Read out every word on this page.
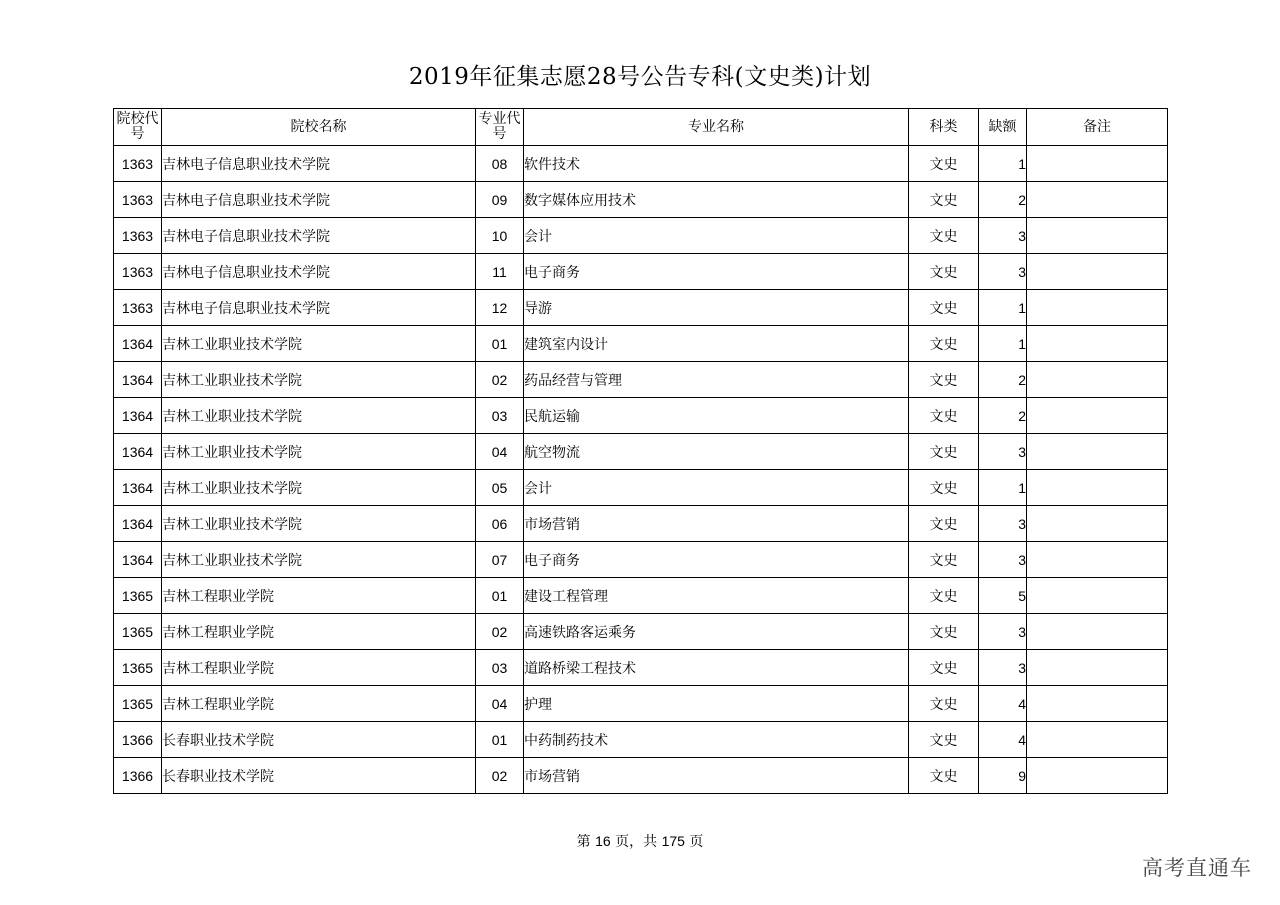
2019年征集志愿28号公告专科(文史类)计划
院校代号	院校名称	专业代号	专业名称	科类	缺额	备注
1363	吉林电子信息职业技术学院	08	软件技术	文史	1	
1363	吉林电子信息职业技术学院	09	数字媒体应用技术	文史	2	
1363	吉林电子信息职业技术学院	10	会计	文史	3	
1363	吉林电子信息职业技术学院	11	电子商务	文史	3	
1363	吉林电子信息职业技术学院	12	导游	文史	1	
1364	吉林工业职业技术学院	01	建筑室内设计	文史	1	
1364	吉林工业职业技术学院	02	药品经营与管理	文史	2	
1364	吉林工业职业技术学院	03	民航运输	文史	2	
1364	吉林工业职业技术学院	04	航空物流	文史	3	
1364	吉林工业职业技术学院	05	会计	文史	1	
1364	吉林工业职业技术学院	06	市场营销	文史	3	
1364	吉林工业职业技术学院	07	电子商务	文史	3	
1365	吉林工程职业学院	01	建设工程管理	文史	5	
1365	吉林工程职业学院	02	高速铁路客运乘务	文史	3	
1365	吉林工程职业学院	03	道路桥梁工程技术	文史	3	
1365	吉林工程职业学院	04	护理	文史	4	
1366	长春职业技术学院	01	中药制药技术	文史	4	
1366	长春职业技术学院	02	市场营销	文史	9	
第 16 页，共 175 页
高考直通车
